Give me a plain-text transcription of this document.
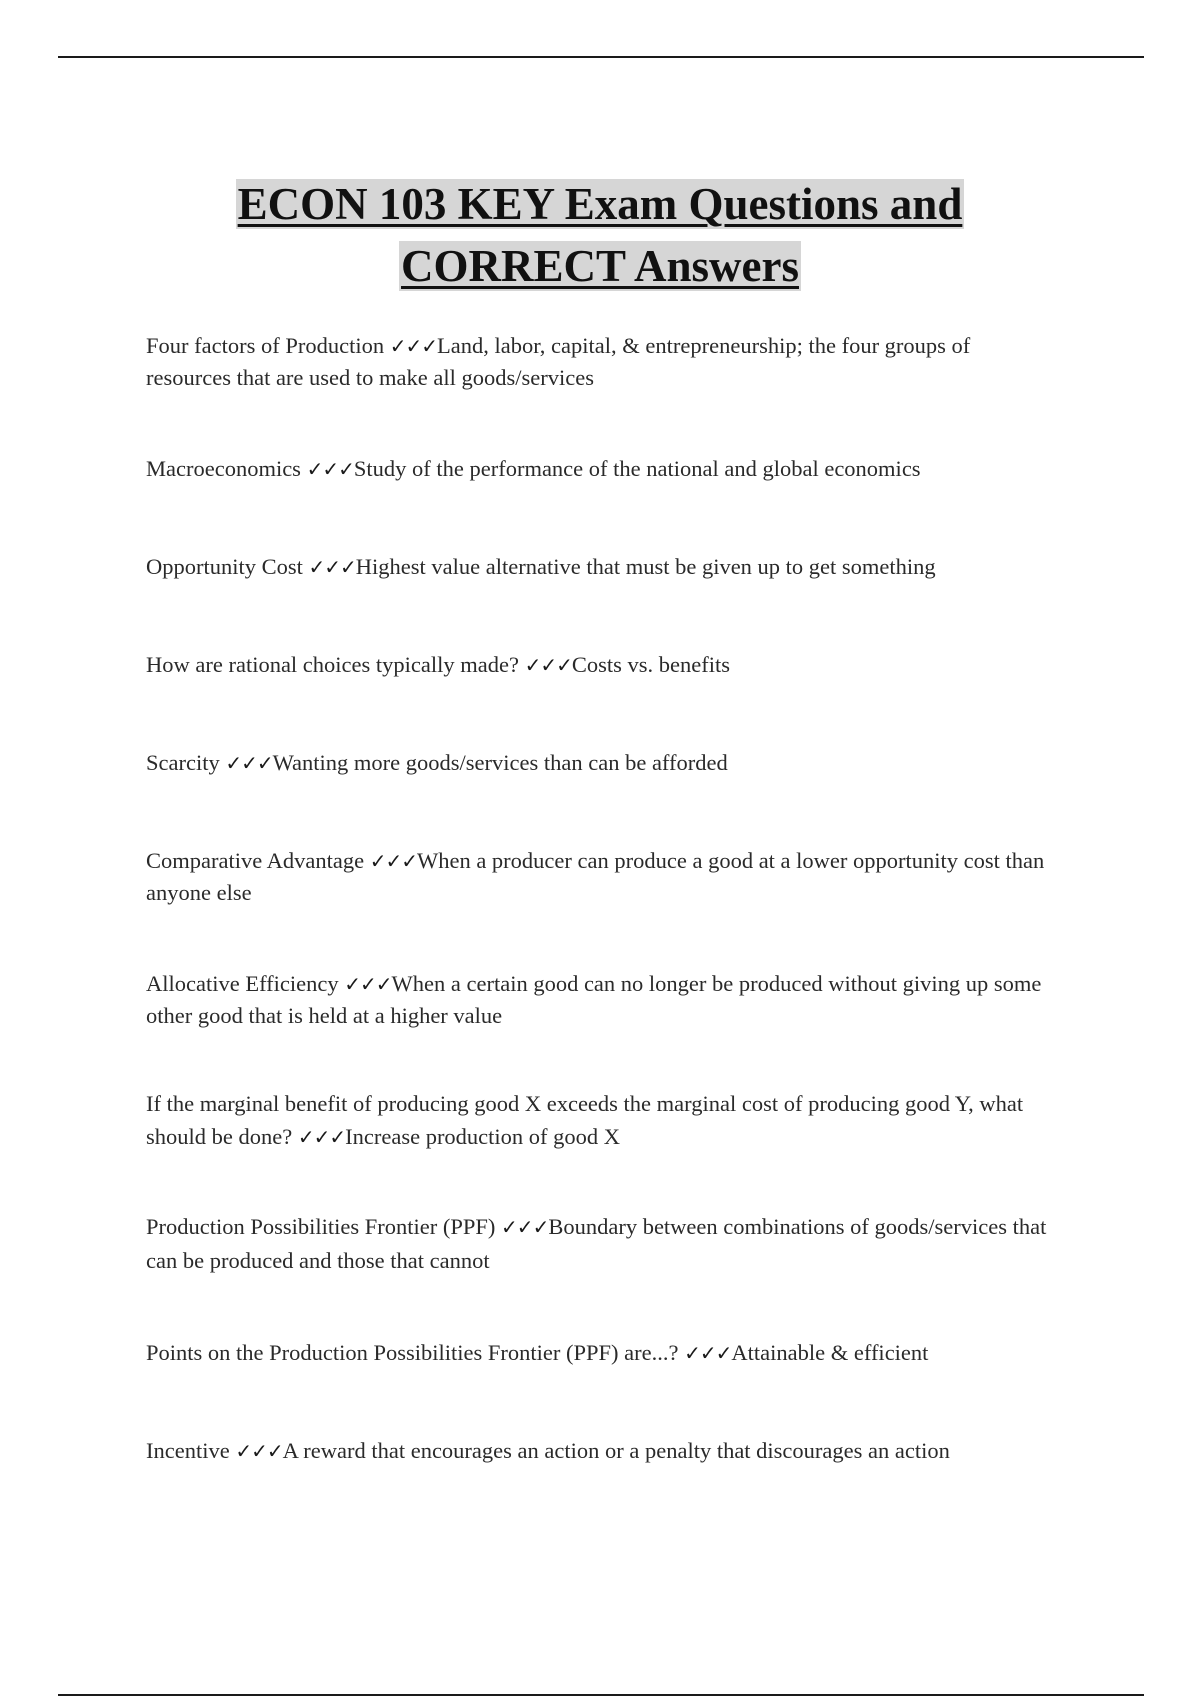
ECON 103 KEY Exam Questions and
CORRECT Answers
Four factors of Production ✓✓✓Land, labor, capital, & entrepreneurship; the four groups of resources that are used to make all goods/services
Macroeconomics ✓✓✓Study of the performance of the national and global economics
Opportunity Cost ✓✓✓Highest value alternative that must be given up to get something
How are rational choices typically made? ✓✓✓Costs vs. benefits
Scarcity ✓✓✓Wanting more goods/services than can be afforded
Comparative Advantage ✓✓✓When a producer can produce a good at a lower opportunity cost than anyone else
Allocative Efficiency ✓✓✓When a certain good can no longer be produced without giving up some other good that is held at a higher value
If the marginal benefit of producing good X exceeds the marginal cost of producing good Y, what should be done? ✓✓✓Increase production of good X
Production Possibilities Frontier (PPF) ✓✓✓Boundary between combinations of goods/services that can be produced and those that cannot
Points on the Production Possibilities Frontier (PPF) are...? ✓✓✓Attainable & efficient
Incentive ✓✓✓A reward that encourages an action or a penalty that discourages an action
